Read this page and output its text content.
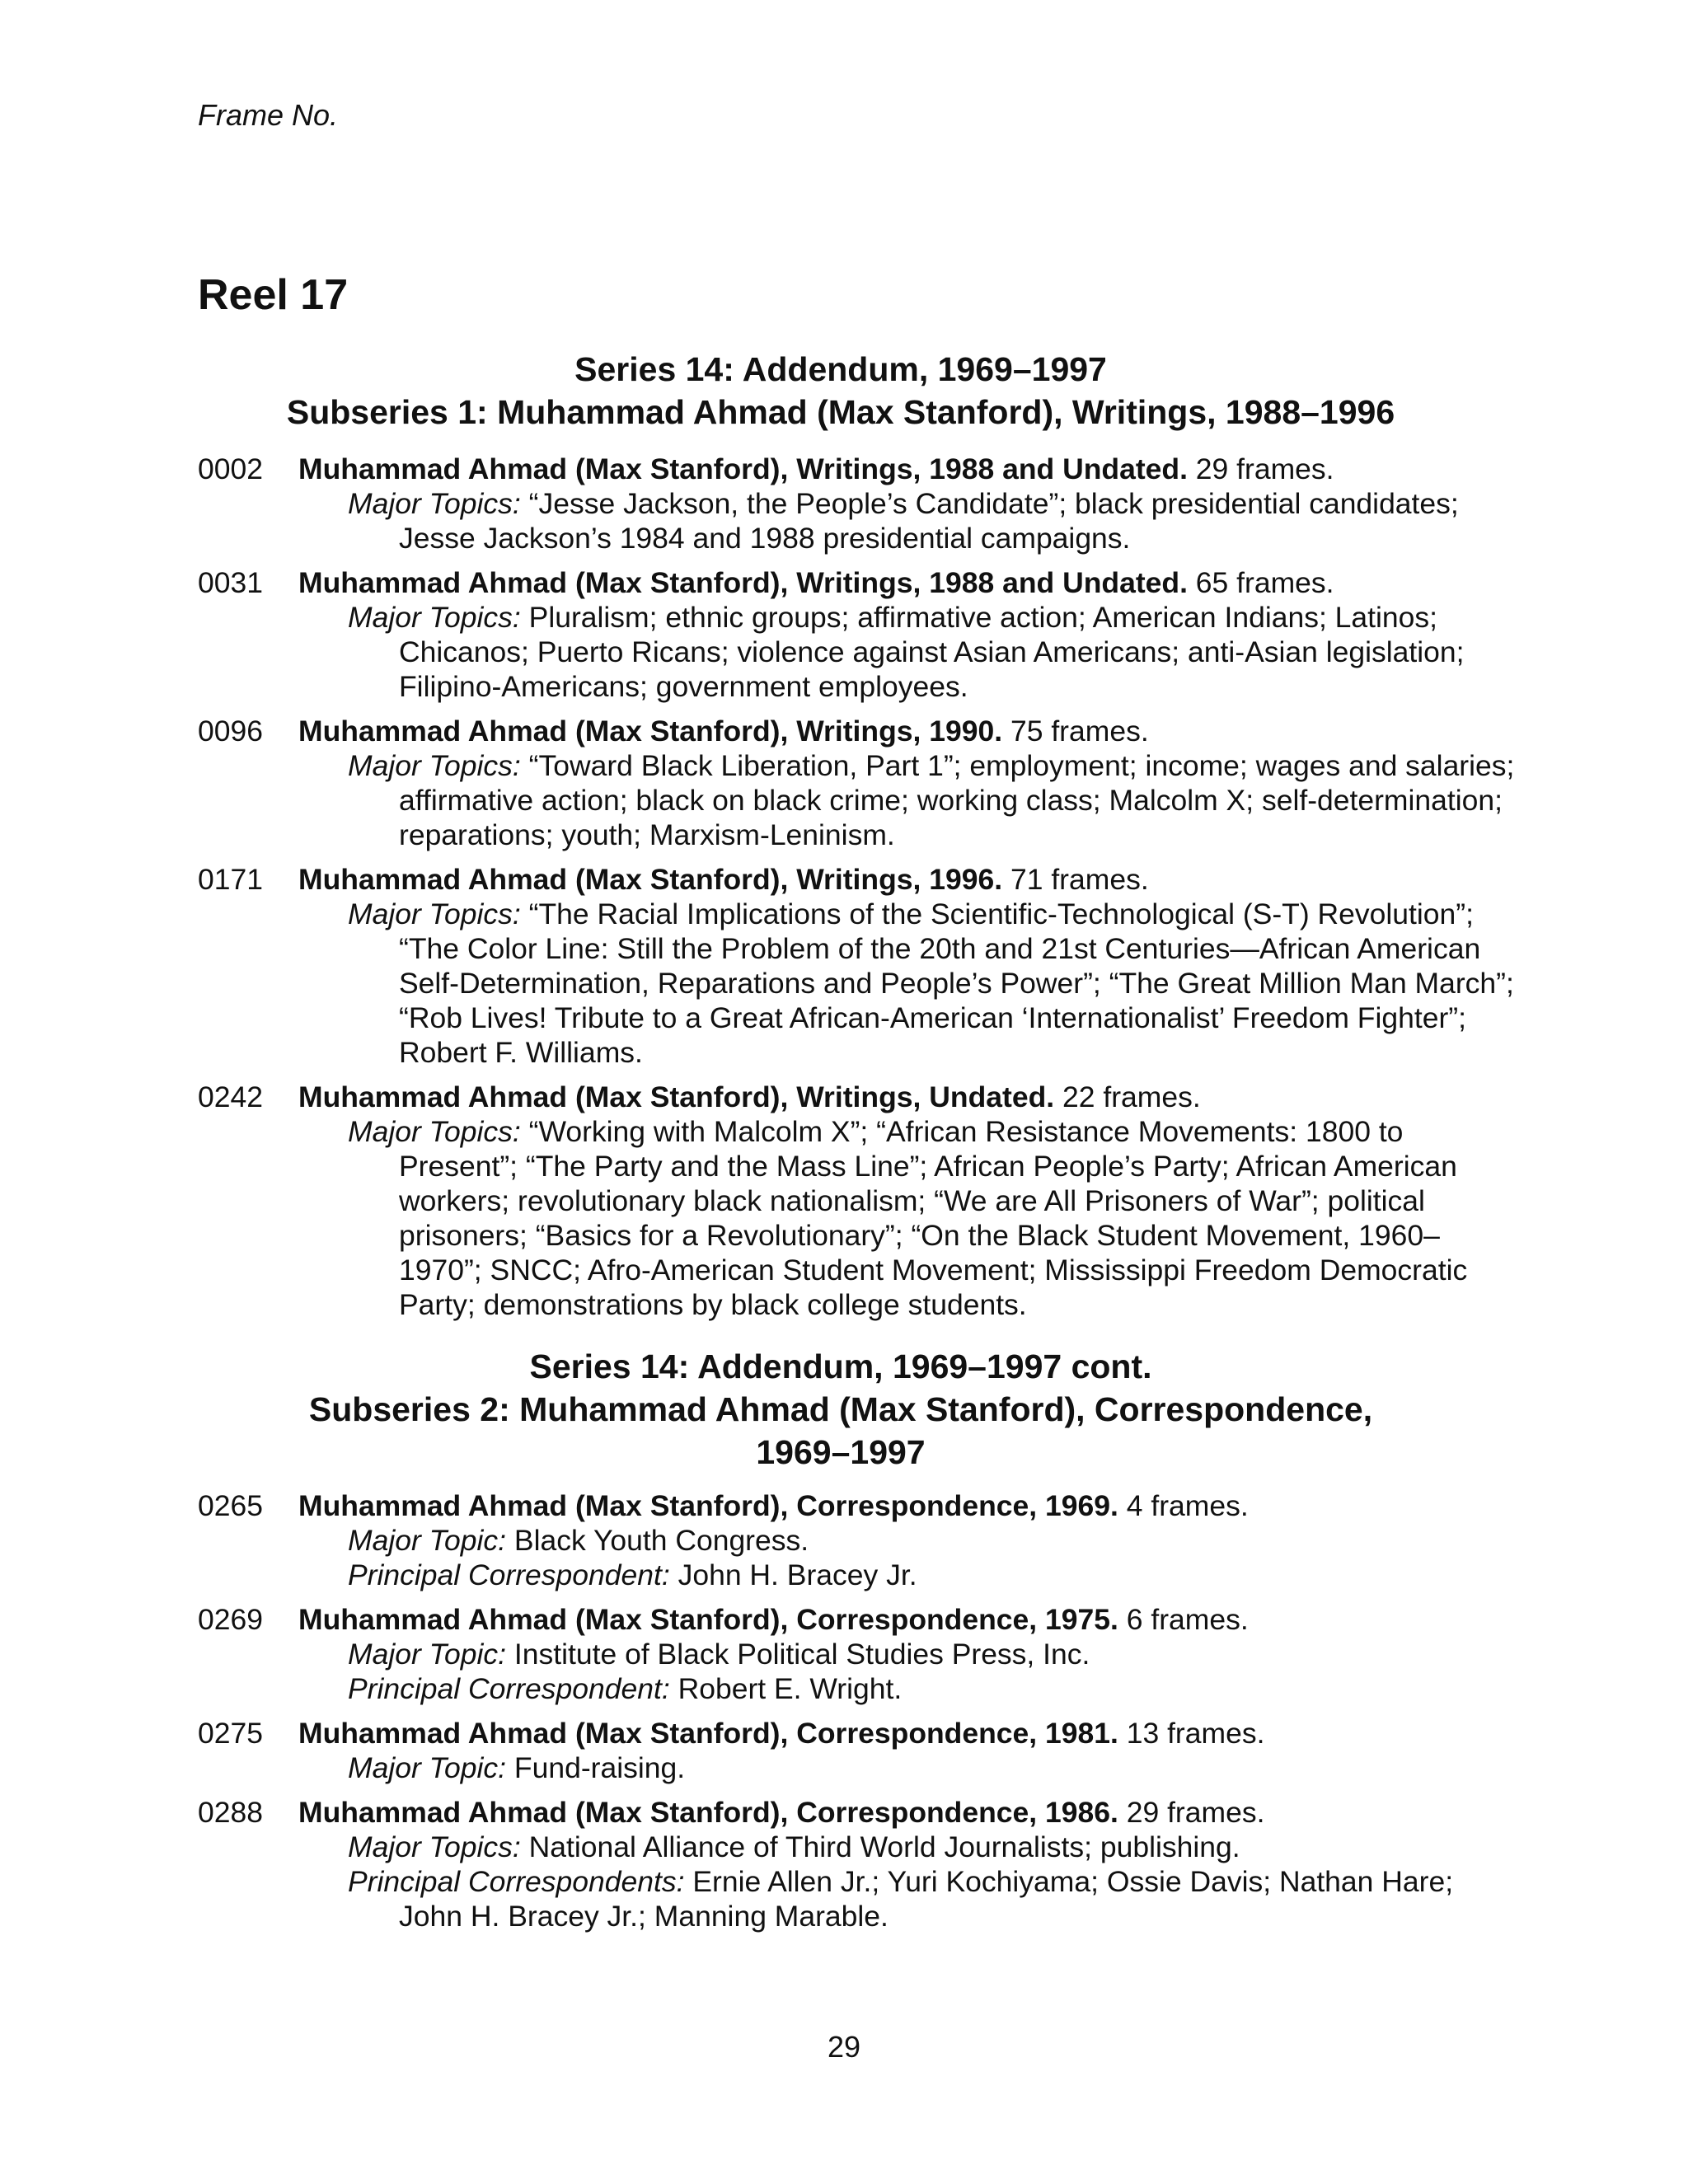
Frame No.

Reel 17
Series 14: Addendum, 1969–1997
Subseries 1: Muhammad Ahmad (Max Stanford), Writings, 1988–1996
0002 Muhammad Ahmad (Max Stanford), Writings, 1988 and Undated. 29 frames.
Major Topics: “Jesse Jackson, the People’s Candidate”; black presidential candidates; Jesse Jackson’s 1984 and 1988 presidential campaigns.
0031 Muhammad Ahmad (Max Stanford), Writings, 1988 and Undated. 65 frames.
Major Topics: Pluralism; ethnic groups; affirmative action; American Indians; Latinos; Chicanos; Puerto Ricans; violence against Asian Americans; anti-Asian legislation; Filipino-Americans; government employees.
0096 Muhammad Ahmad (Max Stanford), Writings, 1990. 75 frames.
Major Topics: “Toward Black Liberation, Part 1”; employment; income; wages and salaries; affirmative action; black on black crime; working class; Malcolm X; self-determination; reparations; youth; Marxism-Leninism.
0171 Muhammad Ahmad (Max Stanford), Writings, 1996. 71 frames.
Major Topics: “The Racial Implications of the Scientific-Technological (S-T) Revolution”; “The Color Line: Still the Problem of the 20th and 21st Centuries—African American Self-Determination, Reparations and People’s Power”; “The Great Million Man March”; “Rob Lives! Tribute to a Great African-American ‘Internationalist’ Freedom Fighter”; Robert F. Williams.
0242 Muhammad Ahmad (Max Stanford), Writings, Undated. 22 frames.
Major Topics: “Working with Malcolm X”; “African Resistance Movements: 1800 to Present”; “The Party and the Mass Line”; African People’s Party; African American workers; revolutionary black nationalism; “We are All Prisoners of War”; political prisoners; “Basics for a Revolutionary”; “On the Black Student Movement, 1960–1970”; SNCC; Afro-American Student Movement; Mississippi Freedom Democratic Party; demonstrations by black college students.
Series 14: Addendum, 1969–1997 cont.
Subseries 2: Muhammad Ahmad (Max Stanford), Correspondence,
1969–1997
0265 Muhammad Ahmad (Max Stanford), Correspondence, 1969. 4 frames.
Major Topic: Black Youth Congress.
Principal Correspondent: John H. Bracey Jr.
0269 Muhammad Ahmad (Max Stanford), Correspondence, 1975. 6 frames.
Major Topic: Institute of Black Political Studies Press, Inc.
Principal Correspondent: Robert E. Wright.
0275 Muhammad Ahmad (Max Stanford), Correspondence, 1981. 13 frames.
Major Topic: Fund-raising.
0288 Muhammad Ahmad (Max Stanford), Correspondence, 1986. 29 frames.
Major Topics: National Alliance of Third World Journalists; publishing.
Principal Correspondents: Ernie Allen Jr.; Yuri Kochiyama; Ossie Davis; Nathan Hare; John H. Bracey Jr.; Manning Marable.
29
